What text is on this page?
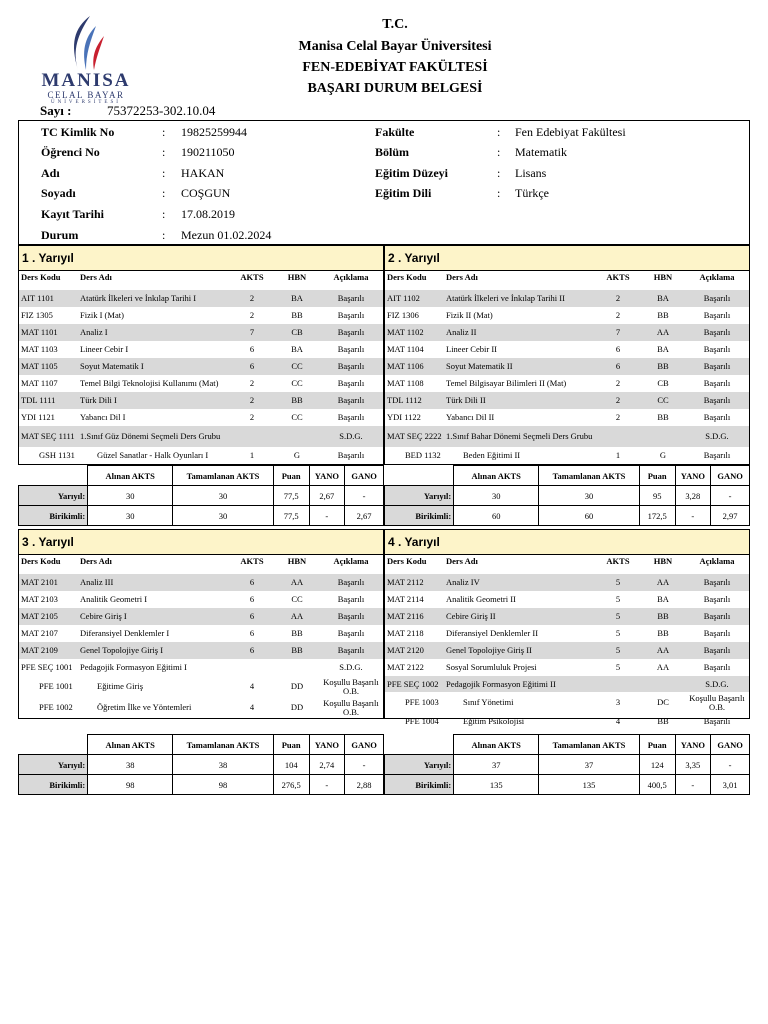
MANISA
CELAL BAYAR
ÜNİVERSİTESİ
T.C.
Manisa Celal Bayar Üniversitesi
FEN-EDEBİYAT FAKÜLTESİ
BAŞARI DURUM BELGESİ
Sayı :	75372253-302.10.04
TC Kimlik No	: 19825259944
Öğrenci No	: 190211050
Adı	: HAKAN
Soyadı	: COŞGUN
Kayıt Tarihi	: 17.08.2019
Durum	: Mezun 01.02.2024
Fakülte	: Fen Edebiyat Fakültesi
Bölüm	: Matematik
Eğitim Düzeyi	: Lisans
Eğitim Dili	: Türkçe
1 . Yarıyıl
Ders Kodu	Ders Adı	AKTS	HBN	Açıklama
AIT 1101	Atatürk İlkeleri ve İnkılap Tarihi I	2	BA	Başarılı
FIZ 1305	Fizik I (Mat)	2	BB	Başarılı
MAT 1101	Analiz I	7	CB	Başarılı
MAT 1103	Lineer Cebir I	6	BA	Başarılı
MAT 1105	Soyut Matematik I	6	CC	Başarılı
MAT 1107	Temel Bilgi Teknolojisi Kullanımı (Mat)	2	CC	Başarılı
TDL 1111	Türk Dili I	2	BB	Başarılı
YDI 1121	Yabancı Dil I	2	CC	Başarılı
MAT SEÇ 1111 1.Sınıf Güz Dönemi Seçmeli Ders Grubu	S.D.G.
GSH 1131	Güzel Sanatlar - Halk Oyunları I	1	G	Başarılı
	Alınan AKTS	Tamamlanan AKTS	Puan	YANO	GANO
Yarıyıl:	30	30	77,5	2,67	-
Birikimli:	30	30	77,5	-	2,67
2 . Yarıyıl
Ders Kodu	Ders Adı	AKTS	HBN	Açıklama
AIT 1102	Atatürk İlkeleri ve İnkılap Tarihi II	2	BA	Başarılı
FIZ 1306	Fizik II (Mat)	2	BB	Başarılı
MAT 1102	Analiz II	7	AA	Başarılı
MAT 1104	Lineer Cebir II	6	BA	Başarılı
MAT 1106	Soyut Matematik II	6	BB	Başarılı
MAT 1108	Temel Bilgisayar Bilimleri II (Mat)	2	CB	Başarılı
TDL 1112	Türk Dili II	2	CC	Başarılı
YDI 1122	Yabancı Dil II	2	BB	Başarılı
MAT SEÇ 2222 1.Sınıf Bahar Dönemi Seçmeli Ders Grubu	S.D.G.
BED 1132	Beden Eğitimi II	1	G	Başarılı
	Alınan AKTS	Tamamlanan AKTS	Puan	YANO	GANO
Yarıyıl:	30	30	95	3,28	-
Birikimli:	60	60	172,5	-	2,97
3 . Yarıyıl
Ders Kodu	Ders Adı	AKTS	HBN	Açıklama
MAT 2101	Analiz III	6	AA	Başarılı
MAT 2103	Analitik Geometri I	6	CC	Başarılı
MAT 2105	Cebire Giriş I	6	AA	Başarılı
MAT 2107	Diferansiyel Denklemler I	6	BB	Başarılı
MAT 2109	Genel Topolojiye Giriş I	6	BB	Başarılı
PFE SEÇ 1001 Pedagojik Formasyon Eğitimi I	S.D.G.
PFE 1001	Eğitime Giriş	4	DD	Koşullu Başarılı O.B.
PFE 1002	Öğretim İlke ve Yöntemleri	4	DD	Koşullu Başarılı O.B.
	Alınan AKTS	Tamamlanan AKTS	Puan	YANO	GANO
Yarıyıl:	38	38	104	2,74	-
Birikimli:	98	98	276,5	-	2,88
4 . Yarıyıl
Ders Kodu	Ders Adı	AKTS	HBN	Açıklama
MAT 2112	Analiz IV	5	AA	Başarılı
MAT 2114	Analitik Geometri II	5	BA	Başarılı
MAT 2116	Cebire Giriş II	5	BB	Başarılı
MAT 2118	Diferansiyel Denklemler II	5	BB	Başarılı
MAT 2120	Genel Topolojiye Giriş II	5	AA	Başarılı
MAT 2122	Sosyal Sorumluluk Projesi	5	AA	Başarılı
PFE SEÇ 1002 Pedagojik Formasyon Eğitimi II	S.D.G.
PFE 1003	Sınıf Yönetimi	3	DC	Koşullu Başarılı O.B.
PFE 1004	Eğitim Psikolojisi	4	BB	Başarılı
	Alınan AKTS	Tamamlanan AKTS	Puan	YANO	GANO
Yarıyıl:	37	37	124	3,35	-
Birikimli:	135	135	400,5	-	3,01
